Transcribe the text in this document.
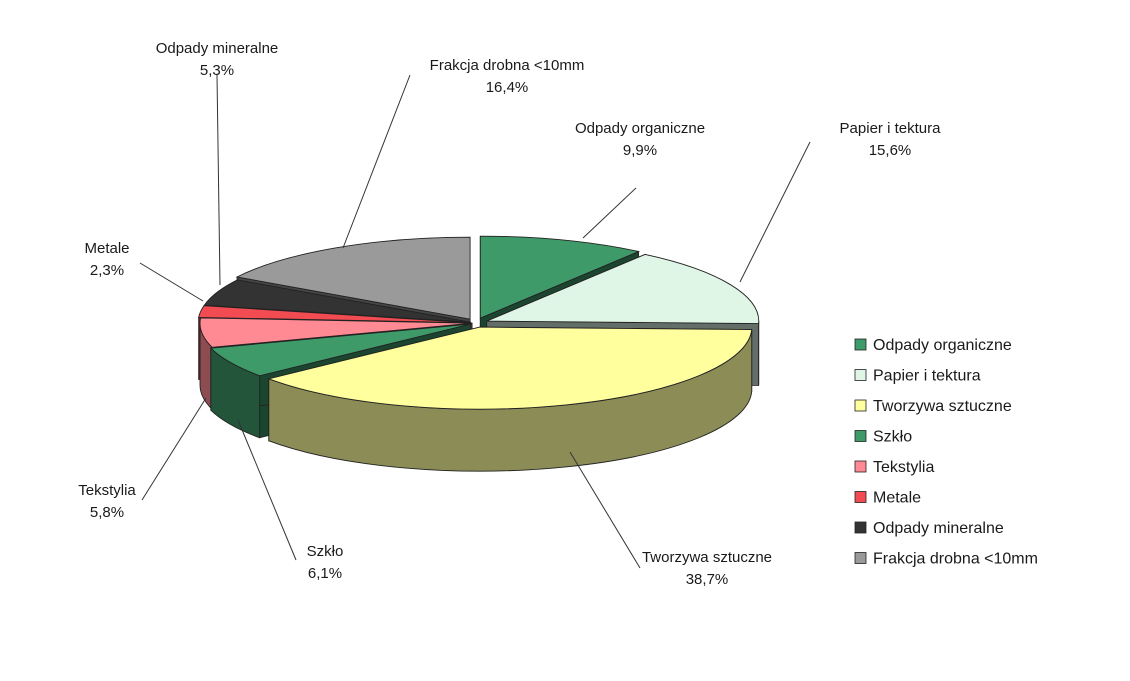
Odpady organiczne
9,9%
Papier i tektura
15,6%
Tworzywa sztuczne
38,7%
Szkło
6,1%
Tekstylia
5,8%
Metale
2,3%
Odpady mineralne
5,3%	Frakcja drobna <10mm
16,4%
Odpady organiczne
Papier i tektura
Tworzywa sztuczne
Szkło
Tekstylia
Metale
Odpady mineralne
Frakcja drobna <10mm
